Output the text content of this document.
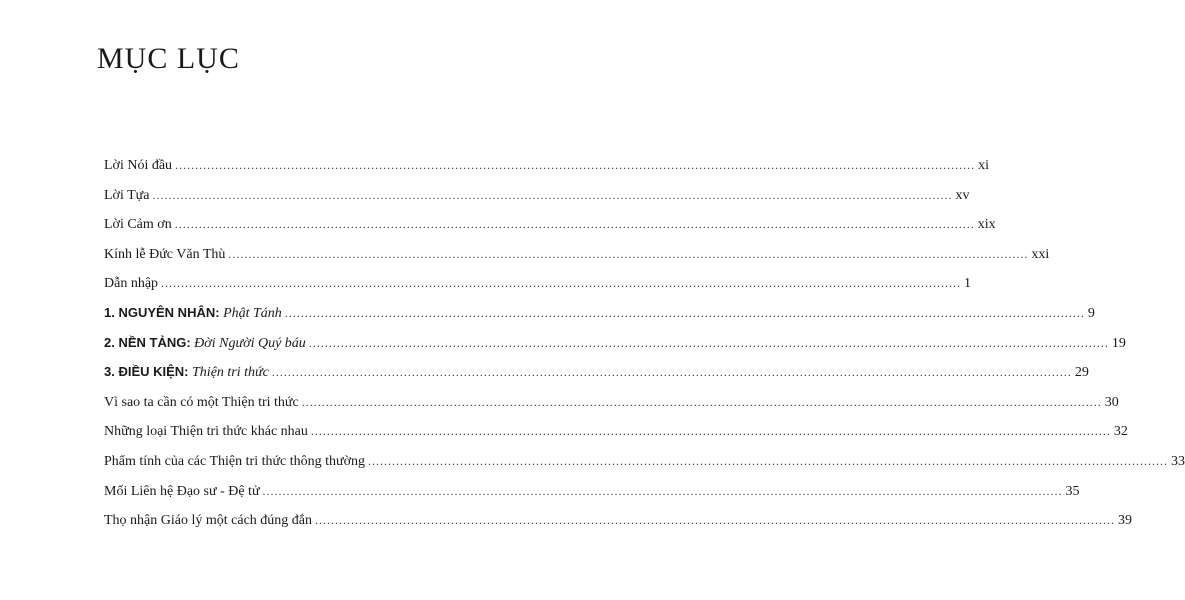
MỤC LỤC
Lời Nói đầu ........................................................................................................................................................................................................ xi
Lời Tựa ........................................................................................................................................................................................................ xv
Lời Cảm ơn ........................................................................................................................................................................................................ xix
Kính lễ Đức Văn Thù ........................................................................................................................................................................................................ xxi
Dẫn nhập ........................................................................................................................................................................................................ 1
1. NGUYÊN NHÂN: Phật Tánh ........................................................................................................................................................................................................ 9
2. NỀN TẢNG: Đời Người Quý báu ........................................................................................................................................................................................................ 19
3. ĐIỀU KIỆN: Thiện tri thức ........................................................................................................................................................................................................ 29
Vì sao ta cần có một Thiện tri thức ........................................................................................................................................................................................................ 30
Những loại Thiện tri thức khác nhau ........................................................................................................................................................................................................ 32
Phẩm tính của các Thiện tri thức thông thường ........................................................................................................................................................................................................ 33
Mối Liên hệ Đạo sư - Đệ tử ........................................................................................................................................................................................................ 35
Thọ nhận Giáo lý một cách đúng đắn ........................................................................................................................................................................................................ 39
